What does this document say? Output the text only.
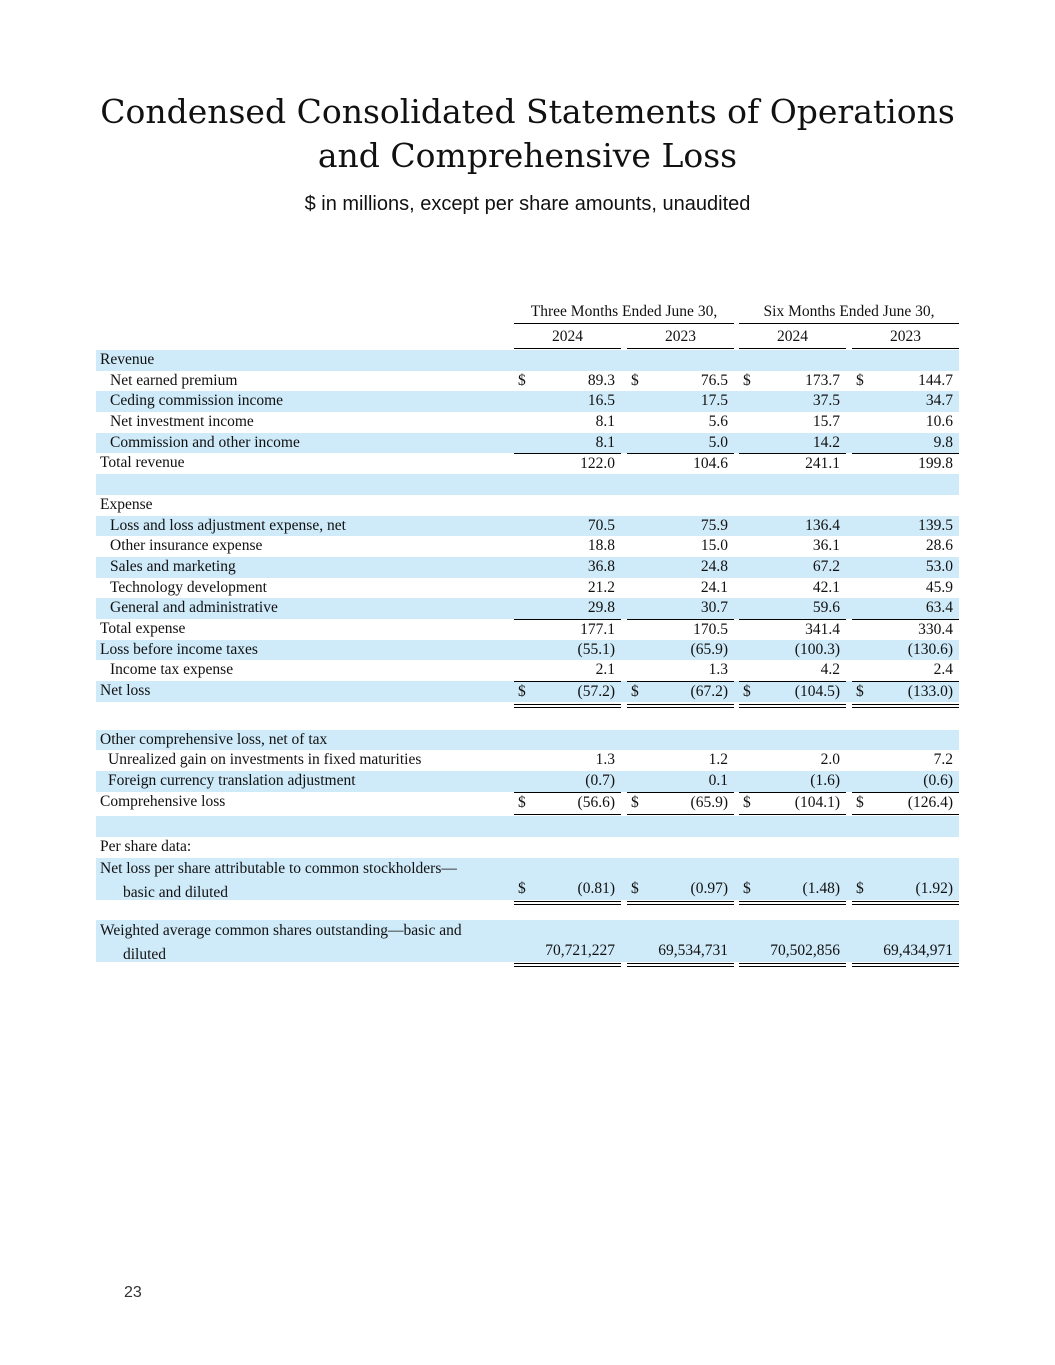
Condensed Consolidated Statements of Operations
and Comprehensive Loss
$ in millions, except per share amounts, unaudited
Three Months Ended June 30,	Six Months Ended June 30,
2024	2023	2024	2023
Revenue
Net earned premium	$	89.3 $	76.5 $	173.7 $	144.7
Ceding commission income	16.5	17.5	37.5	34.7
Net investment income	8.1	5.6	15.7	10.6
Commission and other income	8.1	5.0	14.2	9.8
Total revenue	122.0	104.6	241.1	199.8
Expense
Loss and loss adjustment expense, net	70.5	75.9	136.4	139.5
Other insurance expense	18.8	15.0	36.1	28.6
Sales and marketing	36.8	24.8	67.2	53.0
Technology development	21.2	24.1	42.1	45.9
General and administrative	29.8	30.7	59.6	63.4
Total expense	177.1	170.5	341.4	330.4
Loss before income taxes	(55.1)	(65.9)	(100.3)	(130.6)
Income tax expense	2.1	1.3	4.2	2.4
Net loss	$	(57.2) $	(67.2) $	(104.5) $	(133.0)
Other comprehensive loss, net of tax
Unrealized gain on investments in fixed maturities	1.3	1.2	2.0	7.2
Foreign currency translation adjustment	(0.7)	0.1	(1.6)	(0.6)
Comprehensive loss	$	(56.6) $	(65.9) $	(104.1) $	(126.4)
Per share data:
Net loss per share attributable to common stockholders—
basic and diluted	$	(0.81) $	(0.97) $	(1.48) $	(1.92)
Weighted average common shares outstanding—basic and
diluted	70,721,227	69,534,731	70,502,856	69,434,971
23
